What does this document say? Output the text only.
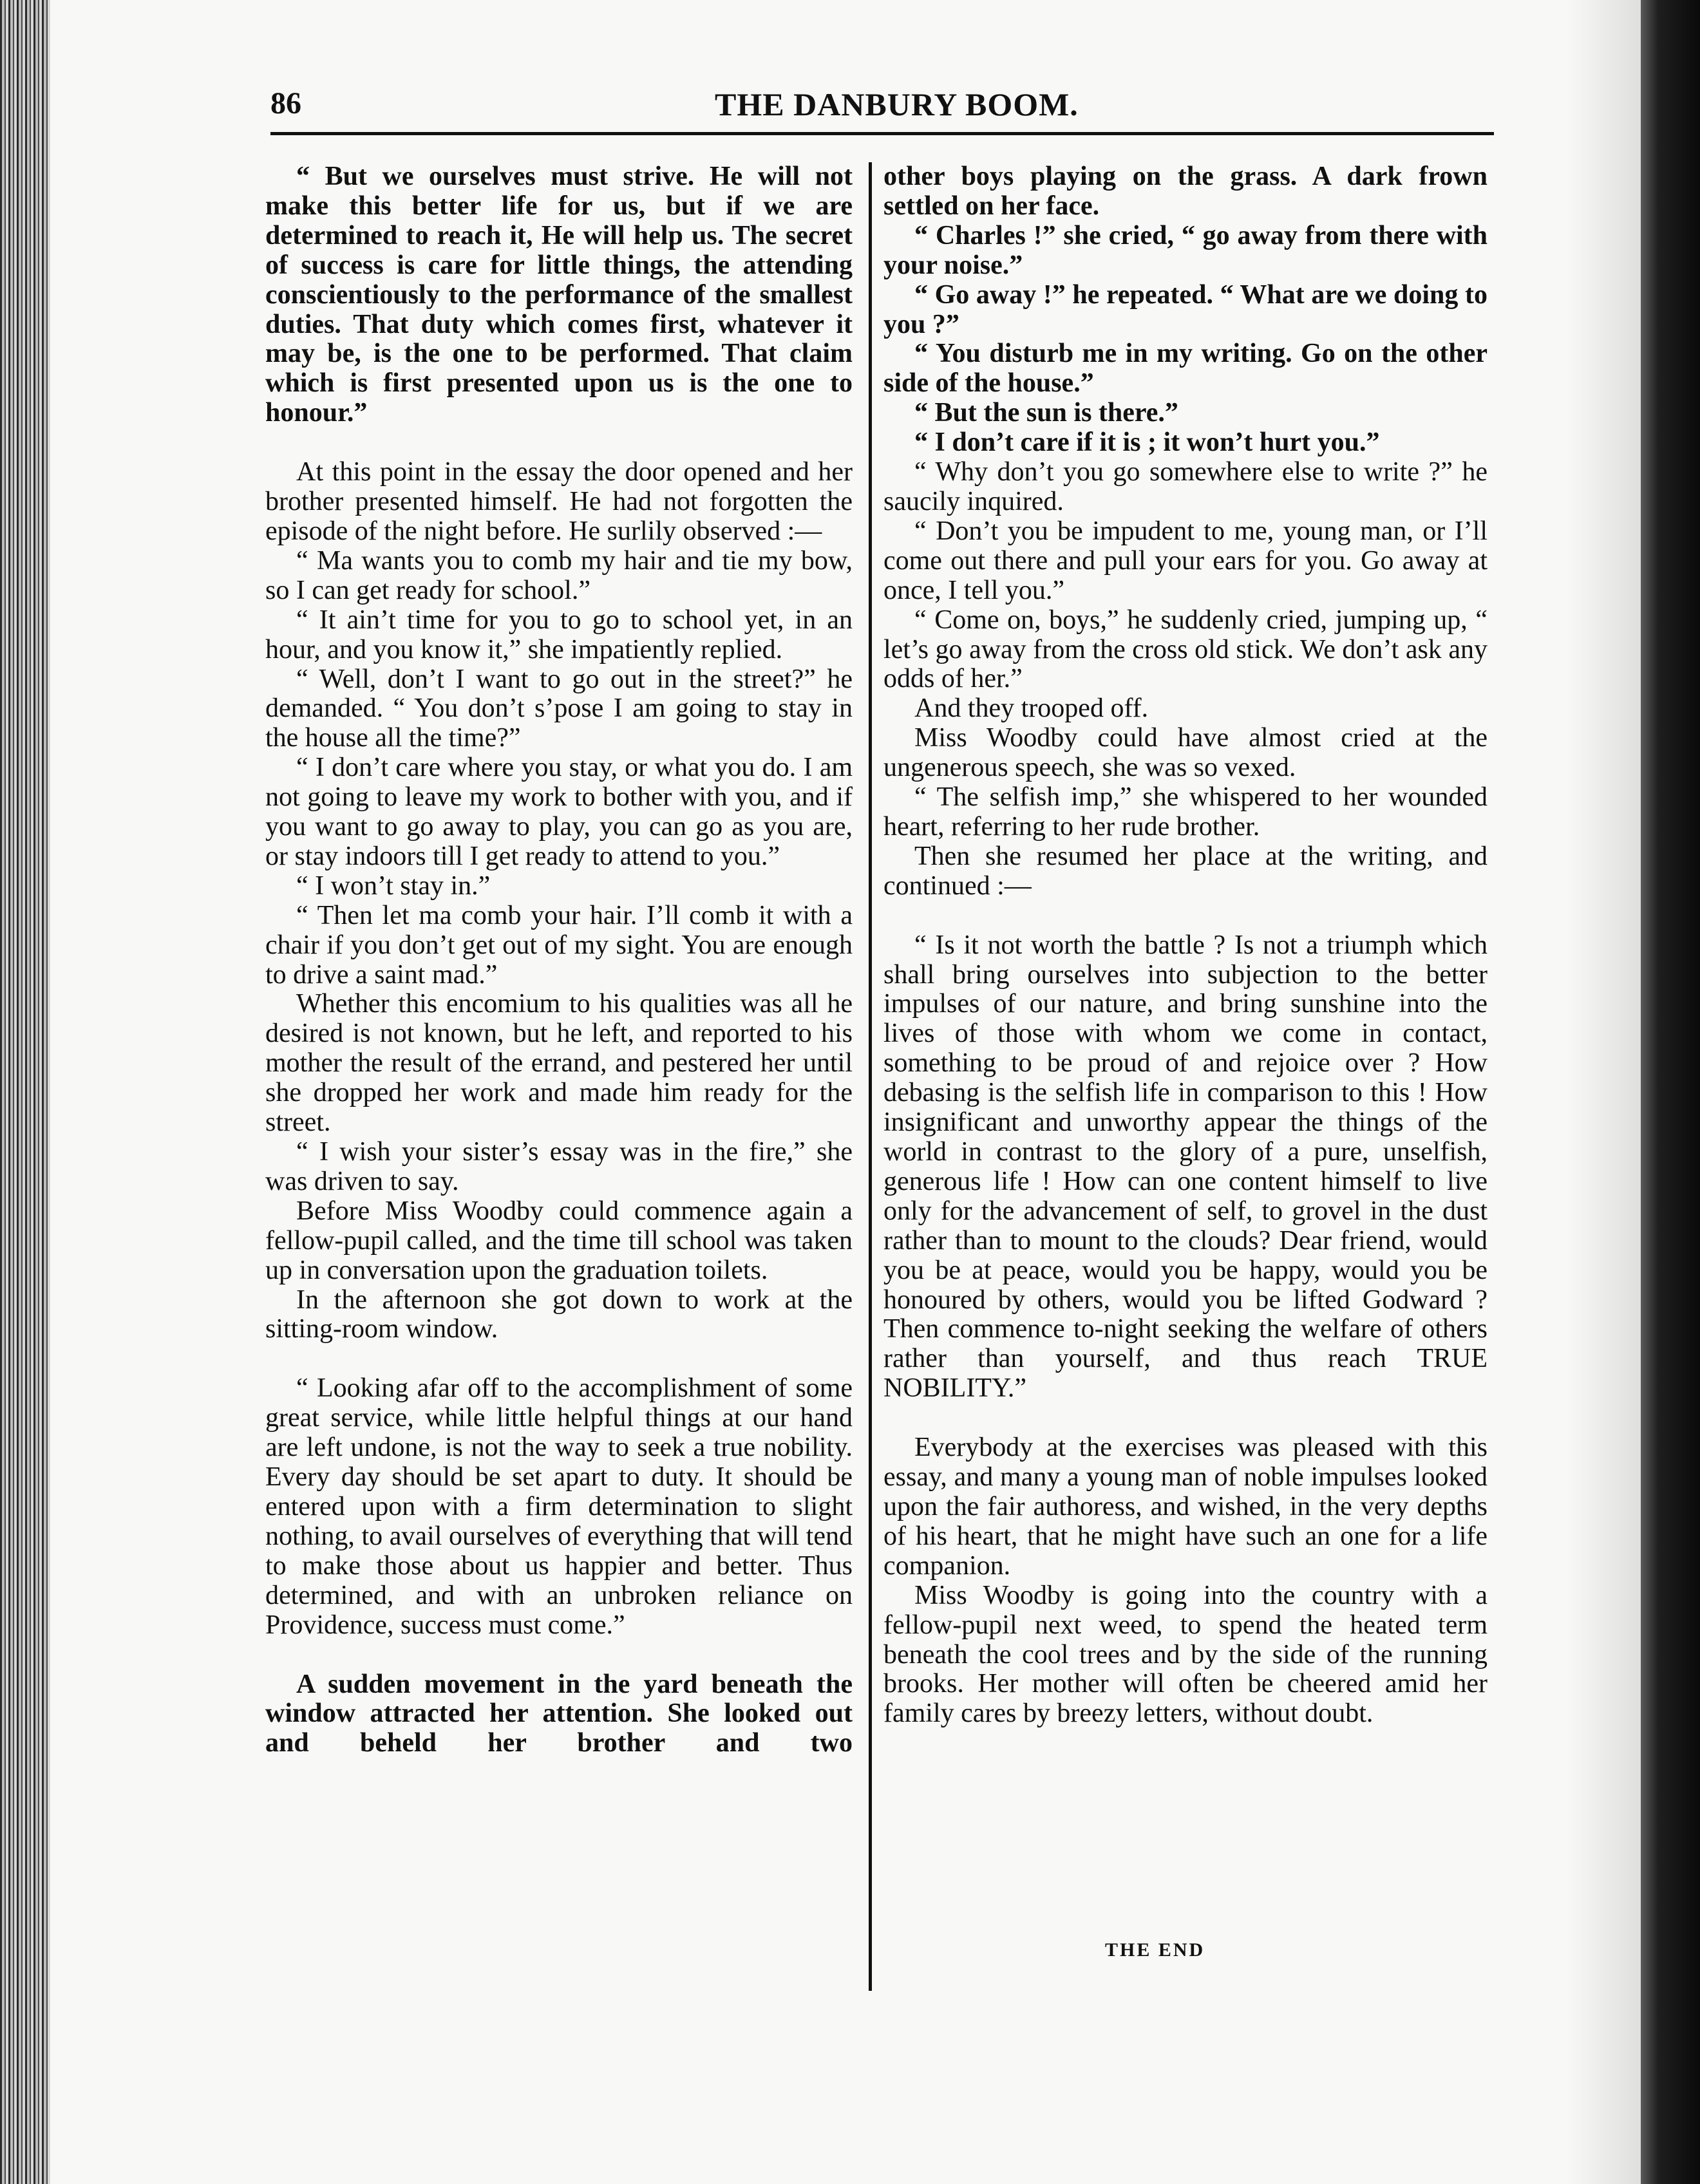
86	THE DANBURY BOOM.

“ But we ourselves must strive. He will not make this better life for us, but if we are determined to reach it, He will help us. The secret of success is care for little things, the attending conscientiously to the performance of the smallest duties. That duty which comes first, whatever it may be, is the one to be performed. That claim which is first presented upon us is the one to honour.”

At this point in the essay the door opened and her brother presented himself. He had not forgotten the episode of the night before. He surlily observed :—

“ Ma wants you to comb my hair and tie my bow, so I can get ready for school.”

“ It ain’t time for you to go to school yet, in an hour, and you know it,” she impatiently replied.

“ Well, don’t I want to go out in the street?” he demanded. “ You don’t s’pose I am going to stay in the house all the time?”

“ I don’t care where you stay, or what you do. I am not going to leave my work to bother with you, and if you want to go away to play, you can go as you are, or stay indoors till I get ready to attend to you.”

“ I won’t stay in.”

“ Then let ma comb your hair. I’ll comb it with a chair if you don’t get out of my sight. You are enough to drive a saint mad.”

Whether this encomium to his qualities was all he desired is not known, but he left, and reported to his mother the result of the errand, and pestered her until she dropped her work and made him ready for the street.

“ I wish your sister’s essay was in the fire,” she was driven to say.

Before Miss Woodby could commence again a fellow-pupil called, and the time till school was taken up in conversation upon the graduation toilets.

In the afternoon she got down to work at the sitting-room window.

“ Looking afar off to the accomplishment of some great service, while little helpful things at our hand are left undone, is not the way to seek a true nobility. Every day should be set apart to duty. It should be entered upon with a firm determination to slight nothing, to avail ourselves of everything that will tend to make those about us happier and better. Thus determined, and with an unbroken reliance on Providence, success must come.”

A sudden movement in the yard beneath the window attracted her attention. She looked out and beheld her brother and two

other boys playing on the grass. A dark frown settled on her face.

“ Charles !” she cried, “ go away from there with your noise.”

“ Go away !” he repeated. “ What are we doing to you ?”

“ You disturb me in my writing. Go on the other side of the house.”

“ But the sun is there.”

“ I don’t care if it is ; it won’t hurt you.”

“ Why don’t you go somewhere else to write ?” he saucily inquired.

“ Don’t you be impudent to me, young man, or I’ll come out there and pull your ears for you. Go away at once, I tell you.”

“ Come on, boys,” he suddenly cried, jumping up, “ let’s go away from the cross old stick. We don’t ask any odds of her.”

And they trooped off.

Miss Woodby could have almost cried at the ungenerous speech, she was so vexed.

“ The selfish imp,” she whispered to her wounded heart, referring to her rude brother.

Then she resumed her place at the writing, and continued :—

“ Is it not worth the battle ? Is not a triumph which shall bring ourselves into subjection to the better impulses of our nature, and bring sunshine into the lives of those with whom we come in contact, something to be proud of and rejoice over ? How debasing is the selfish life in comparison to this ! How insignificant and unworthy appear the things of the world in contrast to the glory of a pure, unselfish, generous life ! How can one content himself to live only for the advancement of self, to grovel in the dust rather than to mount to the clouds? Dear friend, would you be at peace, would you be happy, would you be honoured by others, would you be lifted Godward ? Then commence to-night seeking the welfare of others rather than yourself, and thus reach TRUE NOBILITY.”

Everybody at the exercises was pleased with this essay, and many a young man of noble impulses looked upon the fair authoress, and wished, in the very depths of his heart, that he might have such an one for a life companion.

Miss Woodby is going into the country with a fellow-pupil next weed, to spend the heated term beneath the cool trees and by the side of the running brooks. Her mother will often be cheered amid her family cares by breezy letters, without doubt.

THE END
